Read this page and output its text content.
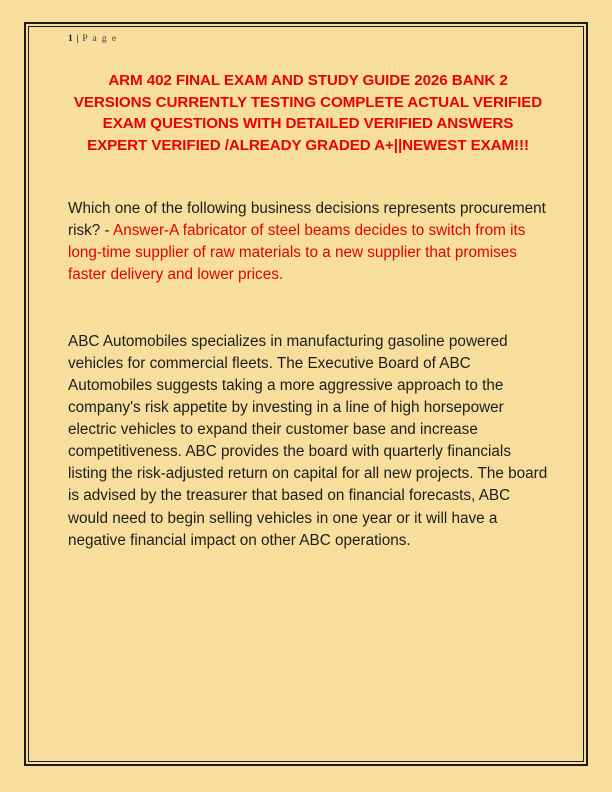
1 | P a g e
ARM 402 FINAL EXAM AND STUDY GUIDE 2026 BANK 2 VERSIONS CURRENTLY TESTING COMPLETE ACTUAL VERIFIED EXAM QUESTIONS WITH DETAILED VERIFIED ANSWERS EXPERT VERIFIED /ALREADY GRADED A+||NEWEST EXAM!!!
Which one of the following business decisions represents procurement risk? - Answer-A fabricator of steel beams decides to switch from its long-time supplier of raw materials to a new supplier that promises faster delivery and lower prices.
ABC Automobiles specializes in manufacturing gasoline powered vehicles for commercial fleets. The Executive Board of ABC Automobiles suggests taking a more aggressive approach to the company's risk appetite by investing in a line of high horsepower electric vehicles to expand their customer base and increase competitiveness. ABC provides the board with quarterly financials listing the risk-adjusted return on capital for all new projects. The board is advised by the treasurer that based on financial forecasts, ABC would need to begin selling vehicles in one year or it will have a negative financial impact on other ABC operations.
